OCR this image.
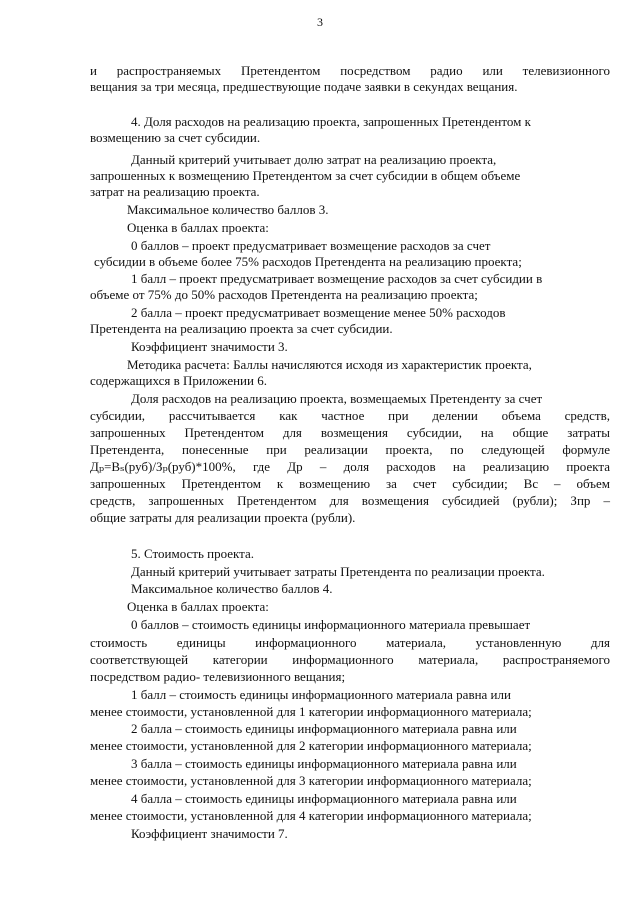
3
и распространяемых Претендентом посредством радио или телевизионного
вещания за три месяца, предшествующие подаче заявки в секундах вещания.
4. Доля расходов на реализацию проекта, запрошенных Претендентом к
возмещению за счет субсидии.
Данный критерий учитывает долю затрат на реализацию проекта,
запрошенных к возмещению Претендентом за счет субсидии в общем объеме
затрат на реализацию проекта.
Максимальное количество баллов 3.
Оценка в баллах проекта:
0 баллов – проект предусматривает возмещение расходов за счет
субсидии в объеме более 75% расходов Претендента на реализацию проекта;
1 балл – проект предусматривает возмещение расходов за счет субсидии в
объеме от 75% до 50% расходов Претендента на реализацию проекта;
2 балла – проект предусматривает возмещение менее 50% расходов
Претендента на реализацию проекта за счет субсидии.
Коэффициент значимости 3.
Методика расчета: Баллы начисляются исходя из характеристик проекта,
содержащихся в Приложении 6.
Доля расходов на реализацию проекта, возмещаемых Претенденту за счет
субсидии, рассчитывается как частное при делении объема средств,
запрошенных Претендентом для возмещения субсидии, на общие затраты
Претендента, понесенные при реализации проекта, по следующей формуле
Дₚ=Вₛ(руб)/Зₚ(руб)*100%, где Др – доля расходов на реализацию проекта
запрошенных Претендентом к возмещению за счет субсидии; Вс – объем
средств, запрошенных Претендентом для возмещения субсидией (рубли); Зпр –
общие затраты для реализации проекта (рубли).
5. Стоимость проекта.
Данный критерий учитывает затраты Претендента по реализации проекта.
Максимальное количество баллов 4.
Оценка в баллах проекта:
0 баллов – стоимость единицы информационного материала превышает
стоимость единицы информационного материала, установленную для
соответствующей категории информационного материала, распространяемого
посредством радио- телевизионного вещания;
1 балл – стоимость единицы информационного материала равна или
менее стоимости, установленной для 1 категории информационного материала;
2 балла – стоимость единицы информационного материала равна или
менее стоимости, установленной для 2 категории информационного материала;
3 балла – стоимость единицы информационного материала равна или
менее стоимости, установленной для 3 категории информационного материала;
4 балла – стоимость единицы информационного материала равна или
менее стоимости, установленной для 4 категории информационного материала;
Коэффициент значимости 7.
